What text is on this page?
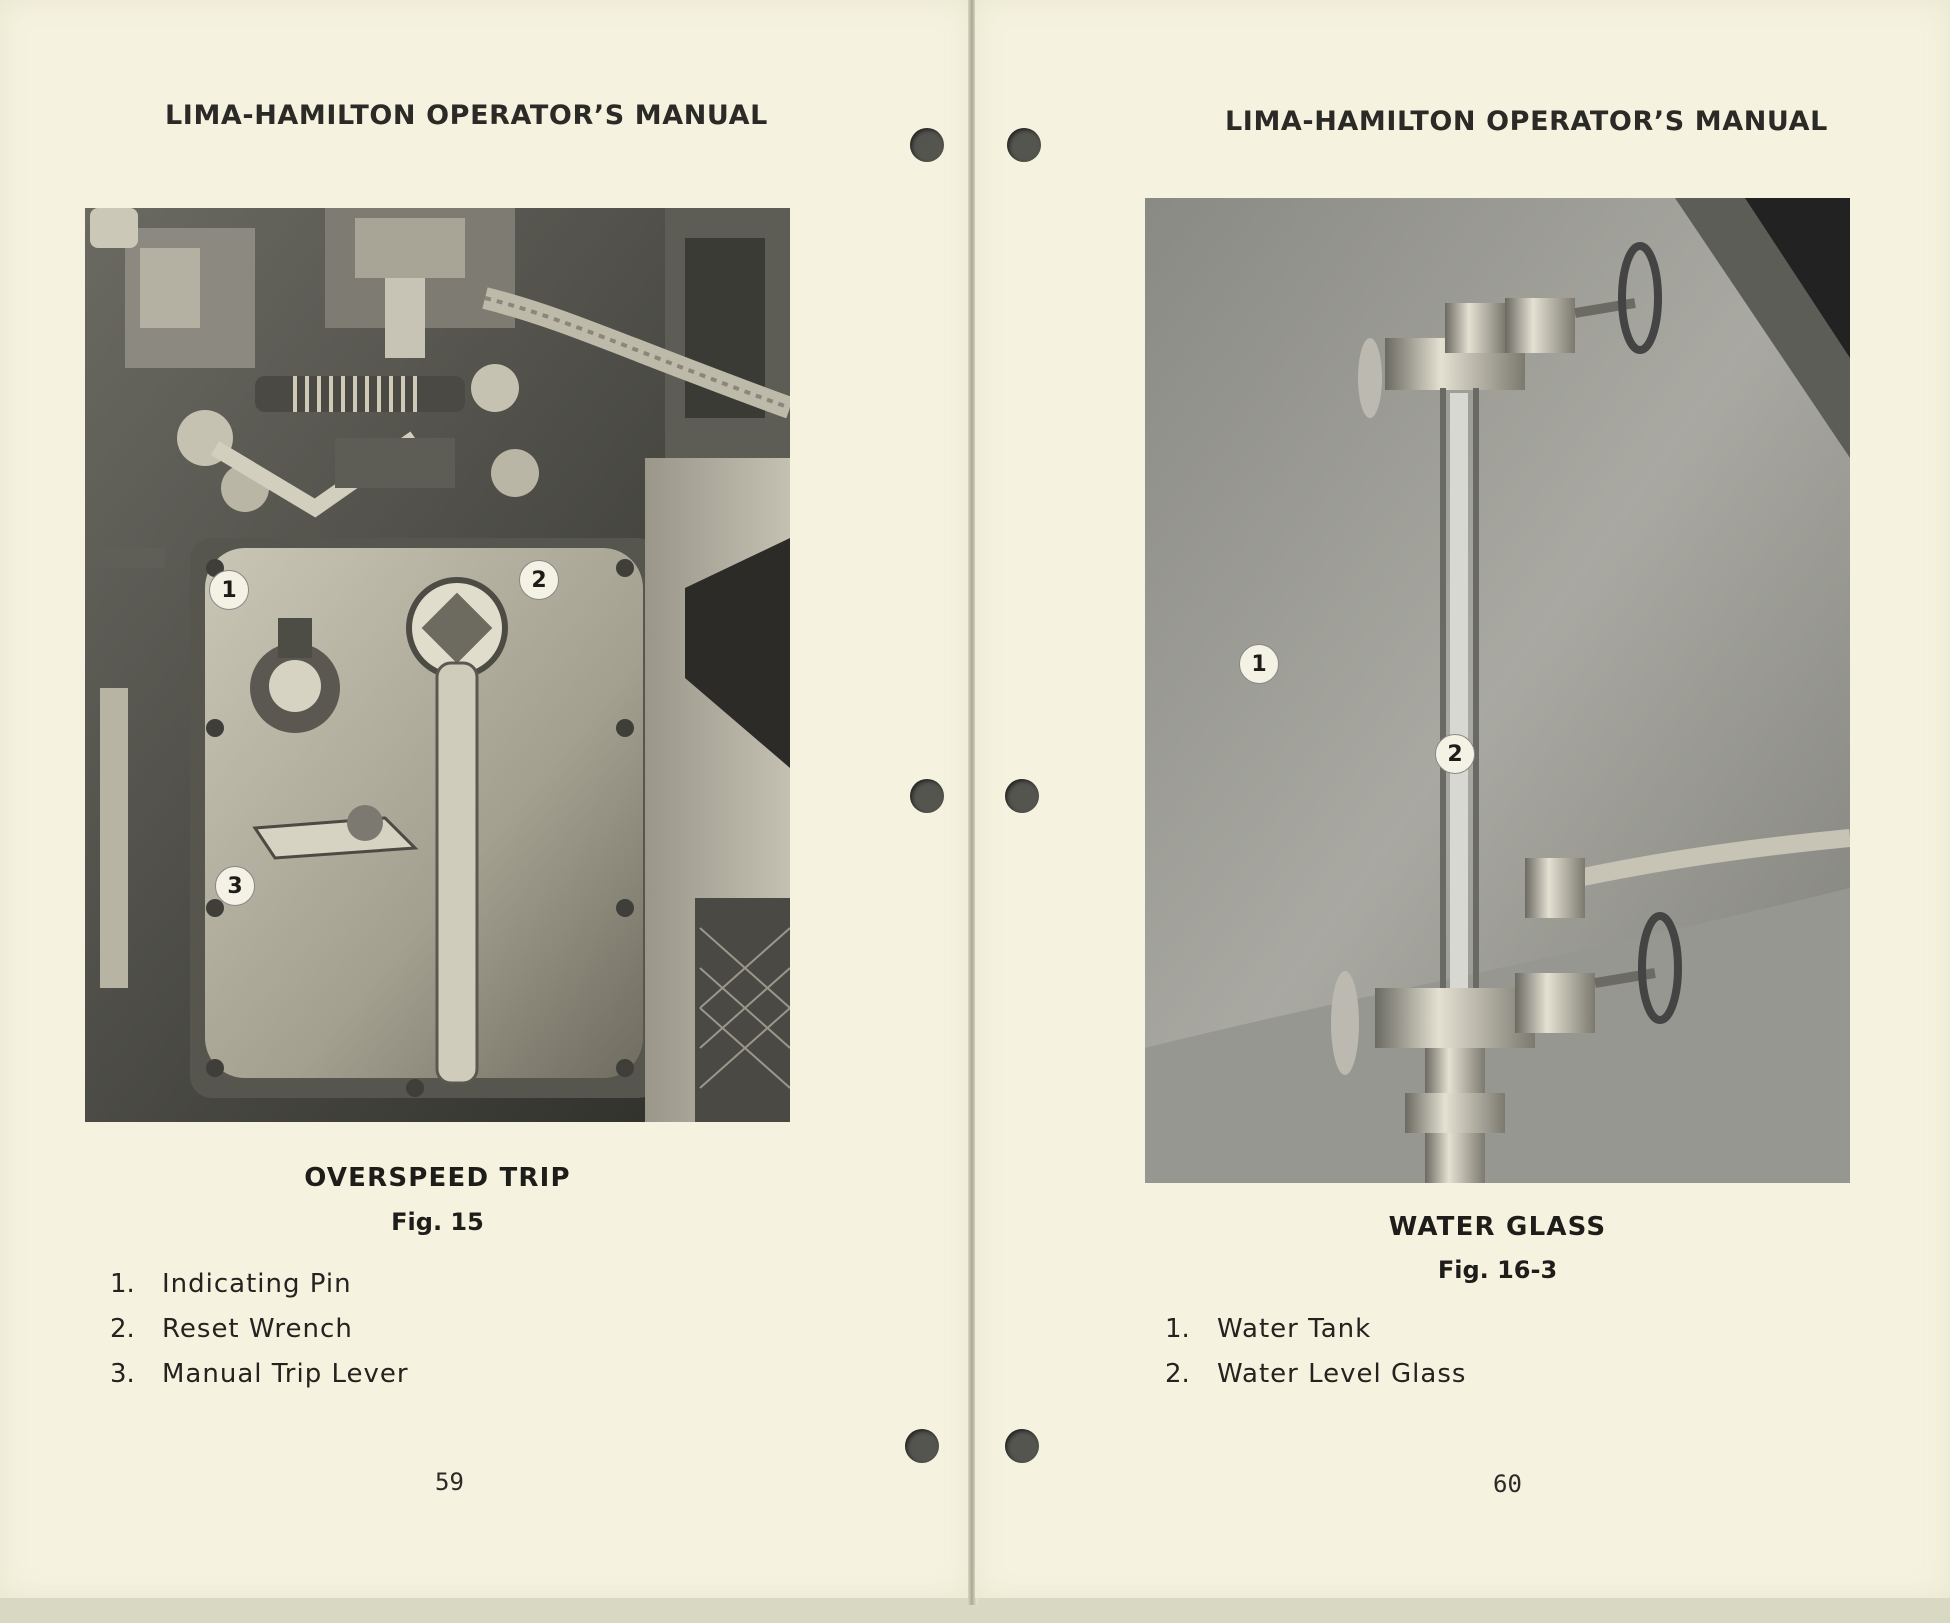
LIMA-HAMILTON OPERATOR’S MANUAL
1	2
3
OVERSPEED TRIP
Fig. 15
1.	Indicating Pin
2.	Reset Wrench
3.	Manual Trip Lever
59
LIMA-HAMILTON OPERATOR’S MANUAL
1
2
WATER GLASS
Fig. 16-3
1.	Water Tank
2.	Water Level Glass
60
